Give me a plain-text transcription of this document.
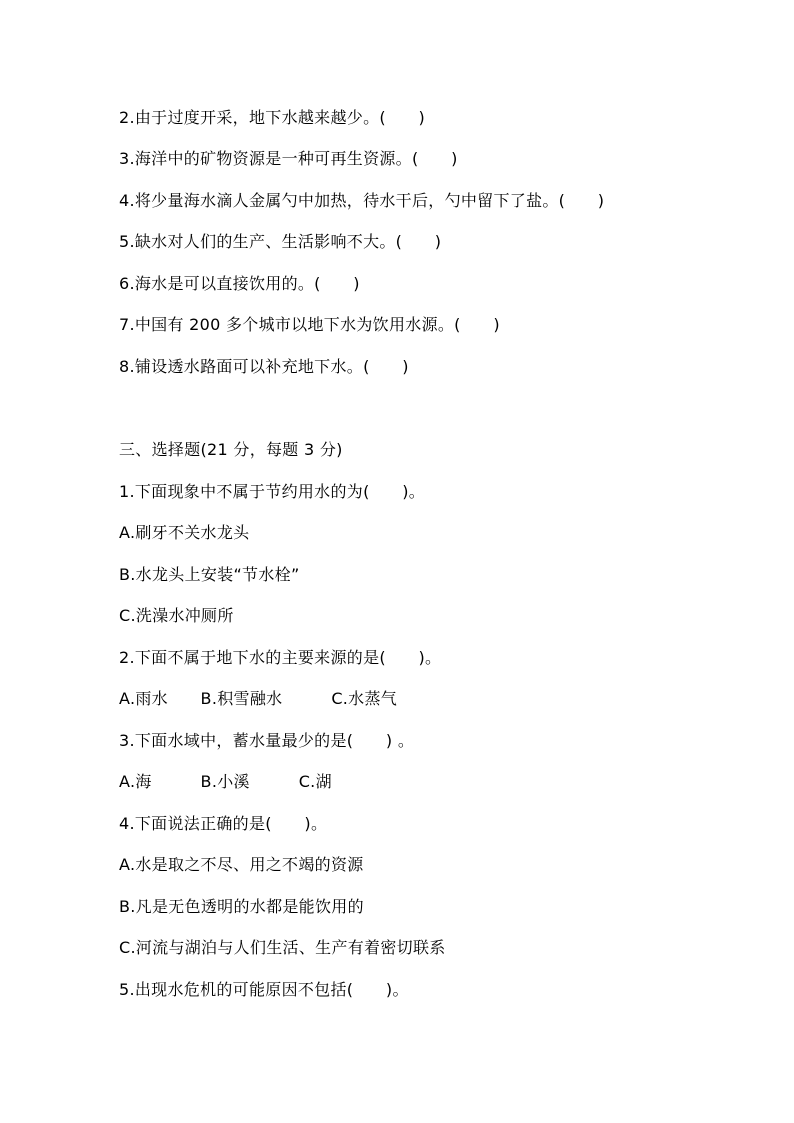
2.由于过度开采，地下水越来越少。(　　)
3.海洋中的矿物资源是一种可再生资源。(　　)
4.将少量海水滴人金属勺中加热，待水干后，勺中留下了盐。(　　)
5.缺水对人们的生产、生活影响不大。(　　)
6.海水是可以直接饮用的。(　　)
7.中国有 200 多个城市以地下水为饮用水源。(　　)
8.铺设透水路面可以补充地下水。(　　)
三、选择题(21 分，每题 3 分)
1.下面现象中不属于节约用水的为(　　)。
A.刷牙不关水龙头
B.水龙头上安装“节水栓”
C.洗澡水冲厕所
2.下面不属于地下水的主要来源的是(　　)。
A.雨水　　B.积雪融水　　　C.水蒸气
3.下面水域中，蓄水量最少的是(　　) 。
A.海　　　B.小溪　　　C.湖
4.下面说法正确的是(　　)。
A.水是取之不尽、用之不竭的资源
B.凡是无色透明的水都是能饮用的
C.河流与湖泊与人们生活、生产有着密切联系
5.出现水危机的可能原因不包括(　　)。
